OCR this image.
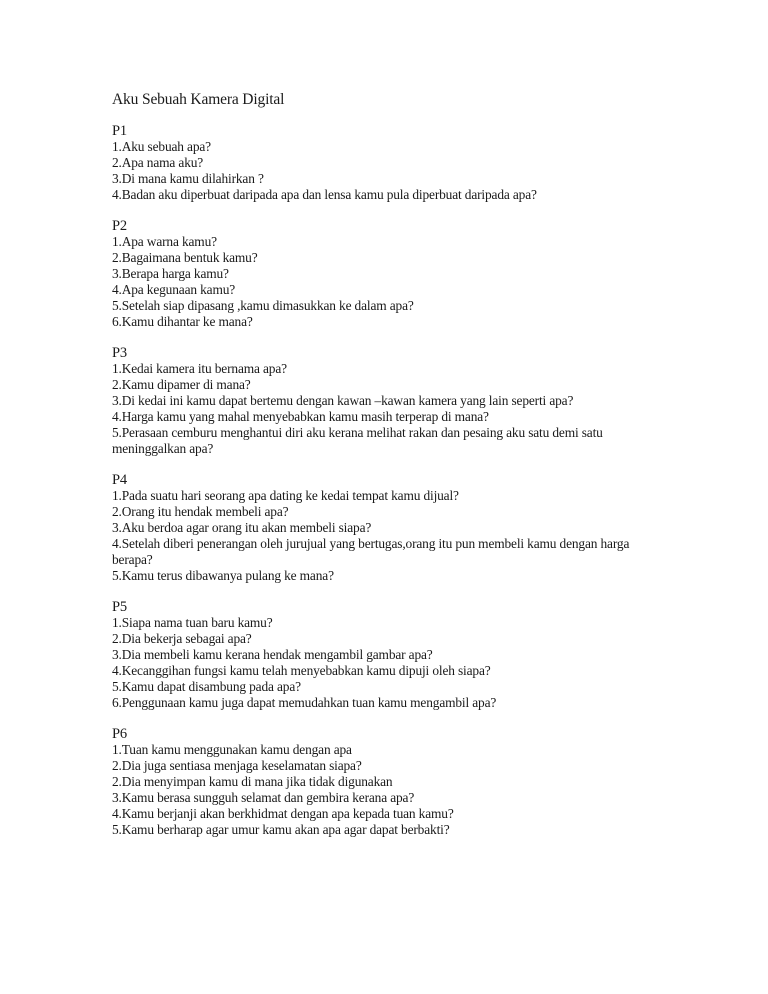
Aku Sebuah Kamera Digital
P1
1.Aku sebuah apa?
2.Apa nama aku?
3.Di mana kamu dilahirkan ?
4.Badan aku diperbuat daripada apa dan lensa kamu pula diperbuat daripada apa?
P2
1.Apa warna kamu?
2.Bagaimana bentuk kamu?
3.Berapa harga kamu?
4.Apa kegunaan kamu?
5.Setelah siap dipasang ,kamu dimasukkan ke dalam apa?
6.Kamu dihantar ke mana?
P3
1.Kedai kamera itu bernama apa?
2.Kamu dipamer di mana?
3.Di kedai ini kamu dapat bertemu dengan kawan –kawan kamera yang lain seperti apa?
4.Harga kamu yang mahal menyebabkan kamu masih terperap di mana?
5.Perasaan cemburu menghantui diri aku kerana melihat rakan dan pesaing aku satu demi satu meninggalkan apa?
P4
1.Pada suatu hari seorang apa dating ke kedai tempat kamu dijual?
2.Orang itu hendak membeli apa?
3.Aku berdoa agar orang itu akan membeli siapa?
4.Setelah diberi penerangan oleh jurujual yang bertugas,orang itu pun membeli kamu dengan harga berapa?
5.Kamu terus dibawanya pulang ke mana?
P5
1.Siapa nama tuan baru kamu?
2.Dia bekerja sebagai apa?
3.Dia membeli kamu kerana hendak mengambil gambar apa?
4.Kecanggihan fungsi kamu telah menyebabkan kamu dipuji oleh siapa?
5.Kamu dapat disambung pada apa?
6.Penggunaan kamu juga dapat memudahkan tuan kamu mengambil apa?
P6
1.Tuan kamu menggunakan kamu dengan apa
2.Dia juga sentiasa menjaga keselamatan siapa?
2.Dia menyimpan kamu di mana jika tidak digunakan
3.Kamu berasa sungguh selamat dan gembira kerana apa?
4.Kamu berjanji akan berkhidmat dengan apa kepada tuan kamu?
5.Kamu berharap agar umur kamu akan apa agar dapat berbakti?
